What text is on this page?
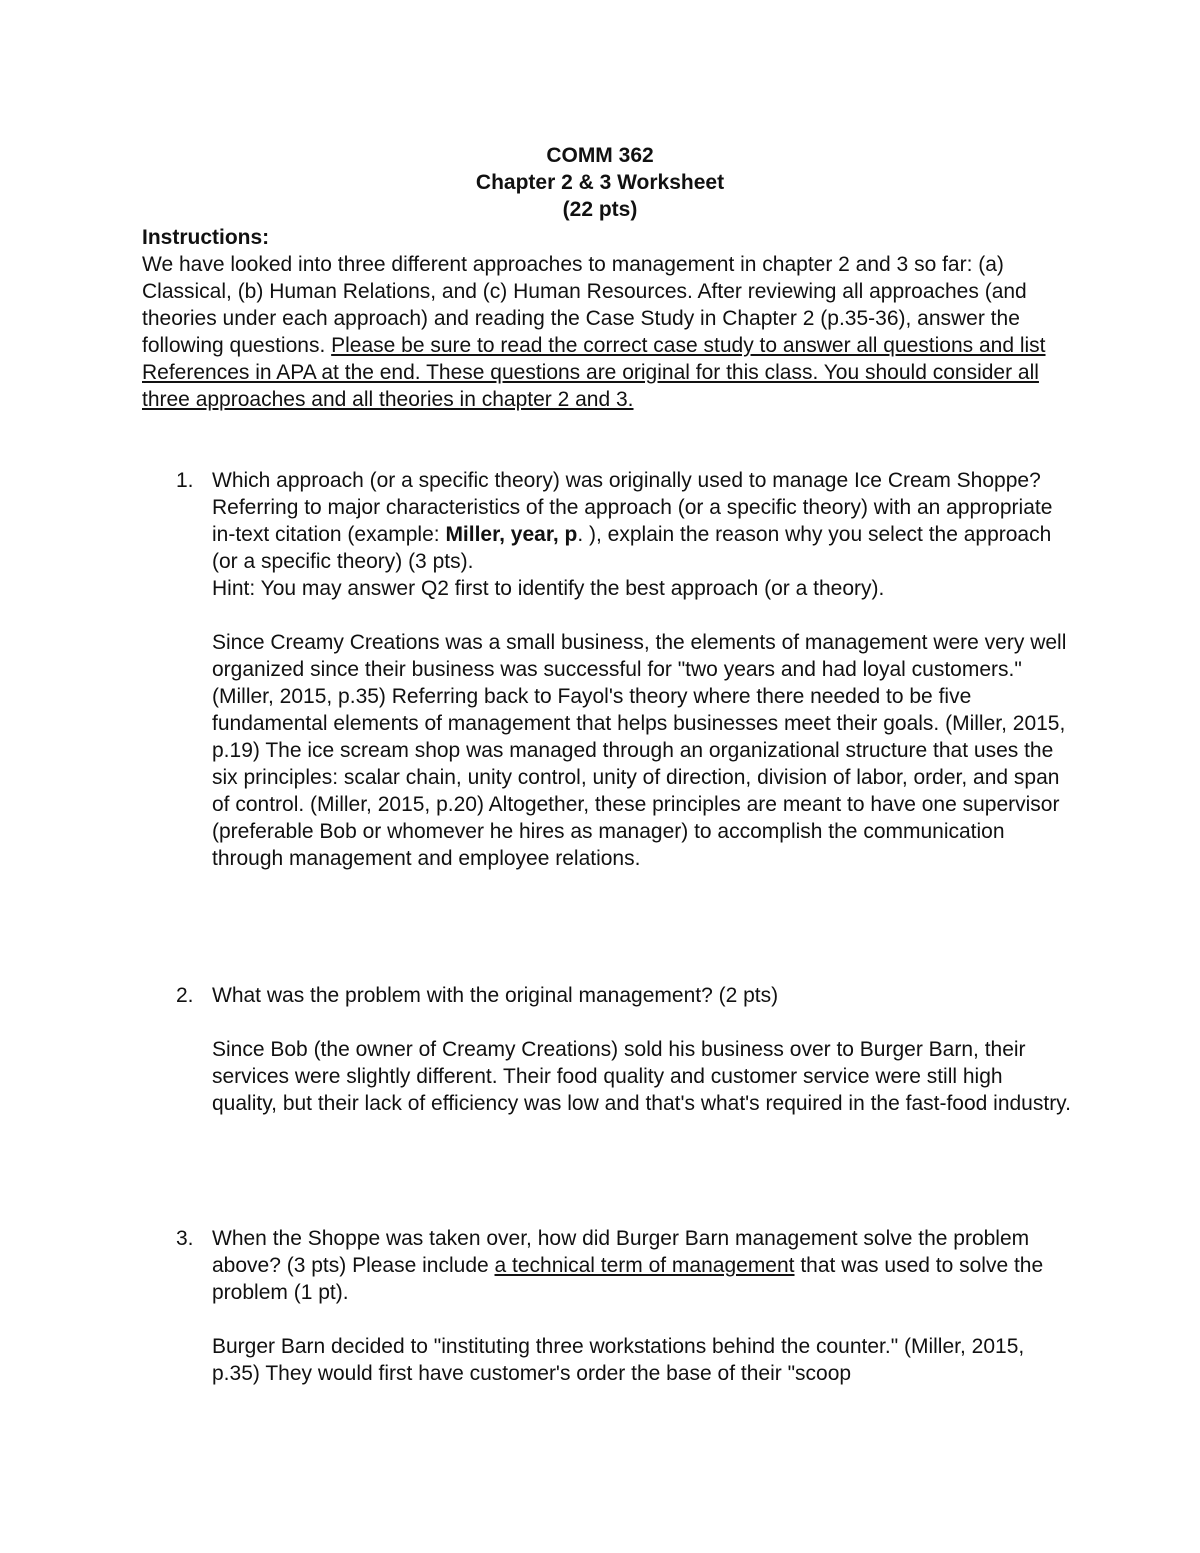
COMM 362
Chapter 2 & 3 Worksheet
(22 pts)
Instructions:
We have looked into three different approaches to management in chapter 2 and 3 so far: (a) Classical, (b) Human Relations, and (c) Human Resources. After reviewing all approaches (and theories under each approach) and reading the Case Study in Chapter 2 (p.35-36), answer the following questions. Please be sure to read the correct case study to answer all questions and list References in APA at the end. These questions are original for this class. You should consider all three approaches and all theories in chapter 2 and 3.
1. Which approach (or a specific theory) was originally used to manage Ice Cream Shoppe? Referring to major characteristics of the approach (or a specific theory) with an appropriate in-text citation (example: Miller, year, p. ), explain the reason why you select the approach (or a specific theory) (3 pts).
Hint: You may answer Q2 first to identify the best approach (or a theory).
Since Creamy Creations was a small business, the elements of management were very well organized since their business was successful for "two years and had loyal customers." (Miller, 2015, p.35) Referring back to Fayol's theory where there needed to be five fundamental elements of management that helps businesses meet their goals. (Miller, 2015, p.19) The ice scream shop was managed through an organizational structure that uses the six principles: scalar chain, unity control, unity of direction, division of labor, order, and span of control. (Miller, 2015, p.20) Altogether, these principles are meant to have one supervisor (preferable Bob or whomever he hires as manager) to accomplish the communication through management and employee relations.
2. What was the problem with the original management? (2 pts)
Since Bob (the owner of Creamy Creations) sold his business over to Burger Barn, their services were slightly different. Their food quality and customer service were still high quality, but their lack of efficiency was low and that's what's required in the fast-food industry.
3. When the Shoppe was taken over, how did Burger Barn management solve the problem above? (3 pts) Please include a technical term of management that was used to solve the problem (1 pt).
Burger Barn decided to "instituting three workstations behind the counter." (Miller, 2015, p.35) They would first have customer's order the base of their "scoop
